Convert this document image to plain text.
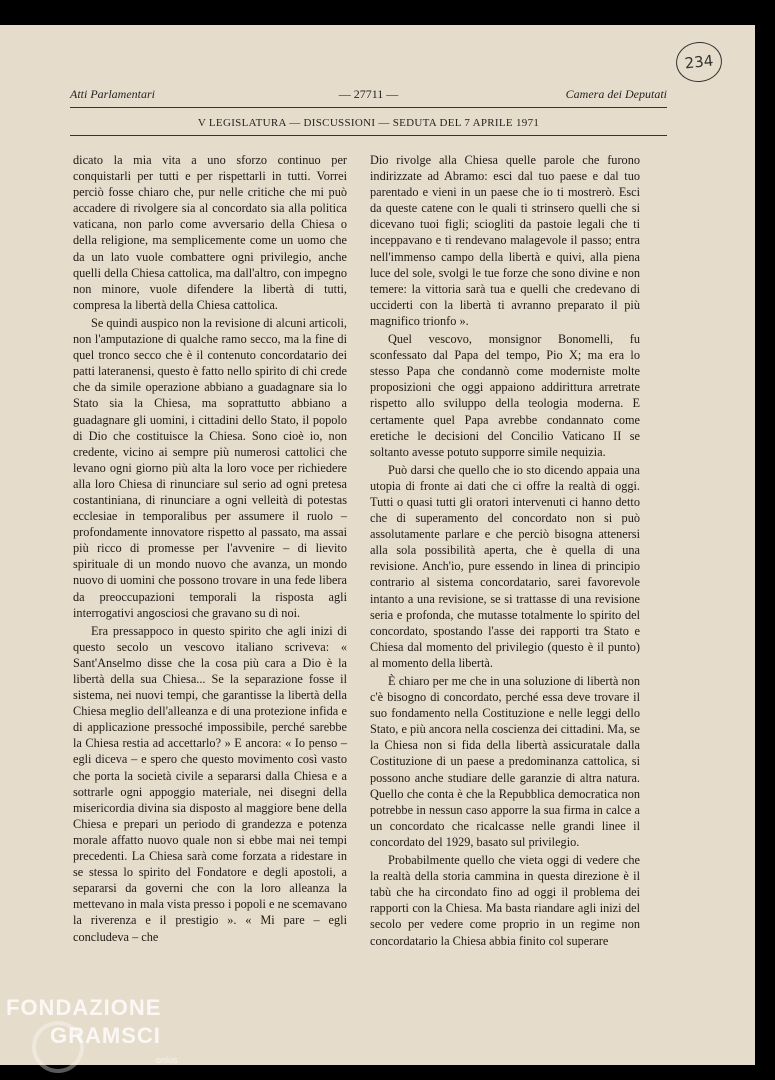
234
Atti Parlamentari	— 27711 —	Camera dei Deputati
V LEGISLATURA — DISCUSSIONI — SEDUTA DEL 7 APRILE 1971

dicato la mia vita a uno sforzo continuo per conquistarli per tutti e per rispettarli in tutti. Vorrei perciò fosse chiaro che, pur nelle critiche che mi può accadere di rivolgere sia al concordato sia alla politica vaticana, non parlo come avversario della Chiesa o della religione, ma semplicemente come un uomo che da un lato vuole combattere ogni privilegio, anche quelli della Chiesa cattolica, ma dall'altro, con impegno non minore, vuole difendere la libertà di tutti, compresa la libertà della Chiesa cattolica.

Se quindi auspico non la revisione di alcuni articoli, non l'amputazione di qualche ramo secco, ma la fine di quel tronco secco che è il contenuto concordatario dei patti lateranensi, questo è fatto nello spirito di chi crede che da simile operazione abbiano a guadagnare sia lo Stato sia la Chiesa, ma soprattutto abbiano a guadagnare gli uomini, i cittadini dello Stato, il popolo di Dio che costituisce la Chiesa. Sono cioè io, non credente, vicino ai sempre più numerosi cattolici che levano ogni giorno più alta la loro voce per richiedere alla loro Chiesa di rinunciare sul serio ad ogni pretesa costantiniana, di rinunciare a ogni velleità di potestas ecclesiae in temporalibus per assumere il ruolo – profondamente innovatore rispetto al passato, ma assai più ricco di promesse per l'avvenire – di lievito spirituale di un mondo nuovo che avanza, un mondo nuovo di uomini che possono trovare in una fede libera da preoccupazioni temporali la risposta agli interrogativi angosciosi che gravano su di noi.

Era pressappoco in questo spirito che agli inizi di questo secolo un vescovo italiano scriveva: « Sant'Anselmo disse che la cosa più cara a Dio è la libertà della sua Chiesa... Se la separazione fosse il sistema, nei nuovi tempi, che garantisse la libertà della Chiesa meglio dell'alleanza e di una protezione infida e di applicazione pressoché impossibile, perché sarebbe la Chiesa restia ad accettarlo? » E ancora: « Io penso – egli diceva – e spero che questo movimento così vasto che porta la società civile a separarsi dalla Chiesa e a sottrarle ogni appoggio materiale, nei disegni della misericordia divina sia disposto al maggiore bene della Chiesa e prepari un periodo di grandezza e potenza morale affatto nuovo quale non si ebbe mai nei tempi precedenti. La Chiesa sarà come forzata a ridestare in se stessa lo spirito del Fondatore e degli apostoli, a separarsi da governi che con la loro alleanza la mettevano in mala vista presso i popoli e ne scemavano la riverenza e il prestigio ». « Mi pare – egli concludeva – che

Dio rivolge alla Chiesa quelle parole che furono indirizzate ad Abramo: esci dal tuo paese e dal tuo parentado e vieni in un paese che io ti mostrerò. Esci da queste catene con le quali ti strinsero quelli che si dicevano tuoi figli; sciogliti da pastoie legali che ti inceppavano e ti rendevano malagevole il passo; entra nell'immenso campo della libertà e quivi, alla piena luce del sole, svolgi le tue forze che sono divine e non temere: la vittoria sarà tua e quelli che credevano di ucciderti con la libertà ti avranno preparato il più magnifico trionfo ».

Quel vescovo, monsignor Bonomelli, fu sconfessato dal Papa del tempo, Pio X; ma era lo stesso Papa che condannò come moderniste molte proposizioni che oggi appaiono addirittura arretrate rispetto allo sviluppo della teologia moderna. E certamente quel Papa avrebbe condannato come eretiche le decisioni del Concilio Vaticano II se soltanto avesse potuto supporre simile nequizia.

Può darsi che quello che io sto dicendo appaia una utopia di fronte ai dati che ci offre la realtà di oggi. Tutti o quasi tutti gli oratori intervenuti ci hanno detto che di superamento del concordato non si può assolutamente parlare e che perciò bisogna attenersi alla sola possibilità aperta, che è quella di una revisione. Anch'io, pure essendo in linea di principio contrario al sistema concordatario, sarei favorevole intanto a una revisione, se si trattasse di una revisione seria e profonda, che mutasse totalmente lo spirito del concordato, spostando l'asse dei rapporti tra Stato e Chiesa dal momento del privilegio (questo è il punto) al momento della libertà.

È chiaro per me che in una soluzione di libertà non c'è bisogno di concordato, perché essa deve trovare il suo fondamento nella Costituzione e nelle leggi dello Stato, e più ancora nella coscienza dei cittadini. Ma, se la Chiesa non si fida della libertà assicuratale dalla Costituzione di un paese a predominanza cattolica, si possono anche studiare delle garanzie di altra natura. Quello che conta è che la Repubblica democratica non potrebbe in nessun caso apporre la sua firma in calce a un concordato che ricalcasse nelle grandi linee il concordato del 1929, basato sul privilegio.

Probabilmente quello che vieta oggi di vedere che la realtà della storia cammina in questa direzione è il tabù che ha circondato fino ad oggi il problema dei rapporti con la Chiesa. Ma basta riandare agli inizi del secolo per vedere come proprio in un regime non concordatario la Chiesa abbia finito col superare

FONDAZIONE
GRAMSCI
onlus
